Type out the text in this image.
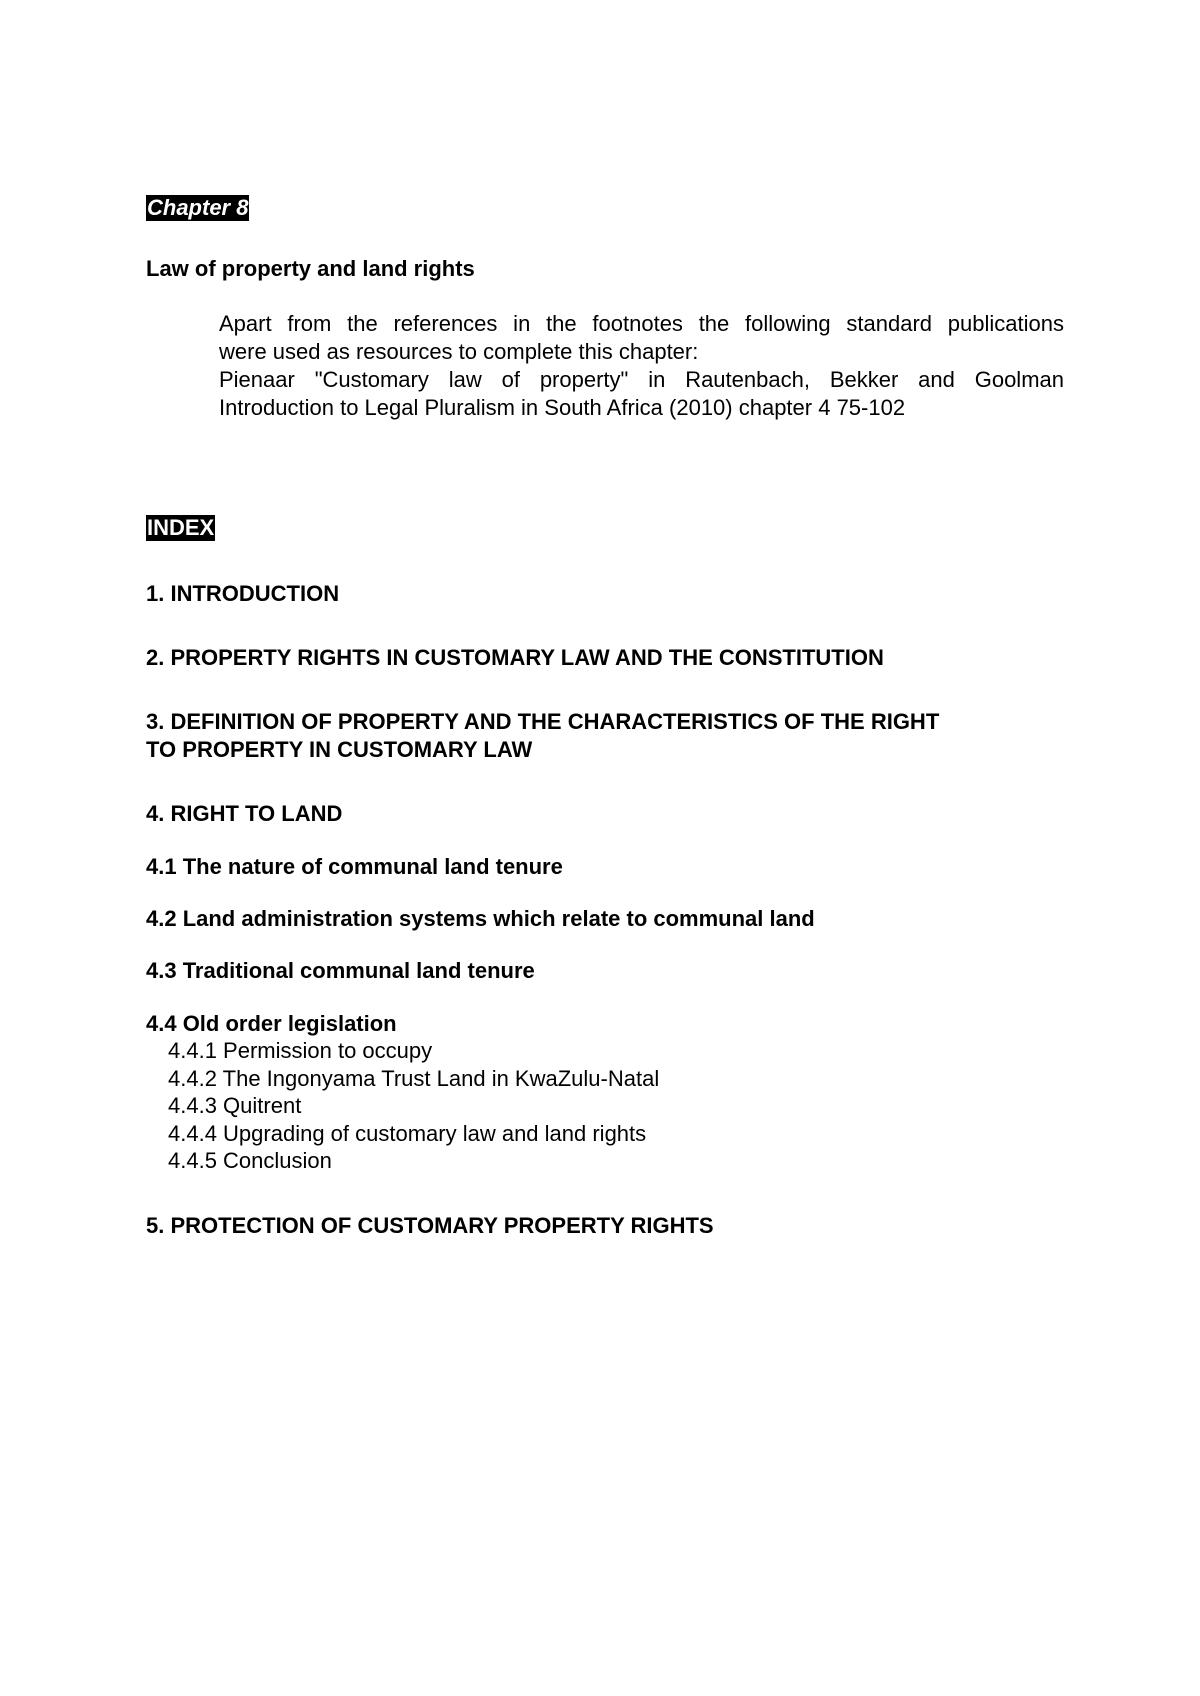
Chapter 8
Law of property and land rights

Apart from the references in the footnotes the following standard publications

were used as resources to complete this chapter:

Pienaar "Customary law of property" in Rautenbach, Bekker and Goolman

Introduction to Legal Pluralism in South Africa (2010) chapter 4 75-102

INDEX
1. INTRODUCTION
2. PROPERTY RIGHTS IN CUSTOMARY LAW AND THE CONSTITUTION
3. DEFINITION OF PROPERTY AND THE CHARACTERISTICS OF THE RIGHT
TO PROPERTY IN CUSTOMARY LAW
4. RIGHT TO LAND
4.1 The nature of communal land tenure
4.2 Land administration systems which relate to communal land
4.3 Traditional communal land tenure
4.4 Old order legislation
4.4.1 Permission to occupy
4.4.2 The Ingonyama Trust Land in KwaZulu-Natal
4.4.3 Quitrent
4.4.4 Upgrading of customary law and land rights
4.4.5 Conclusion
5. PROTECTION OF CUSTOMARY PROPERTY RIGHTS
